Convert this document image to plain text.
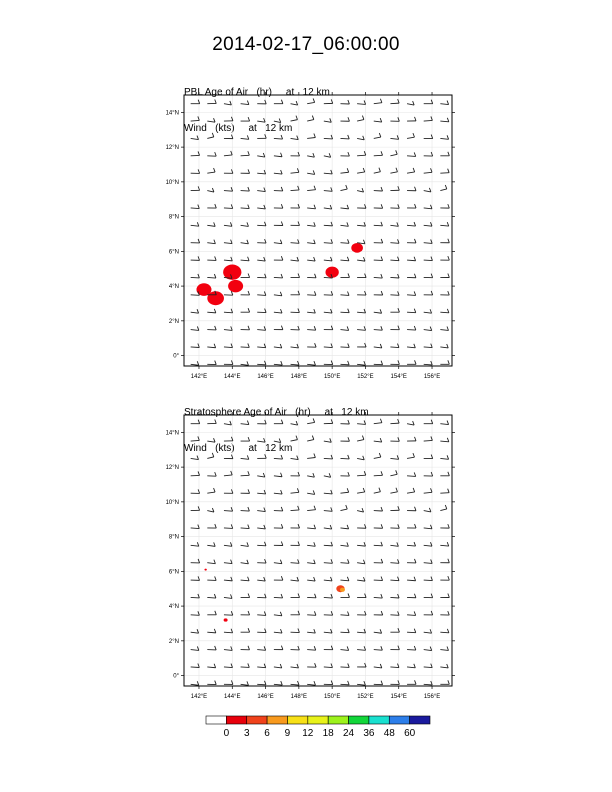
2014-02-17_06:00:00

PBL Age of Air   (hr)     at   12 km

Wind   (kts)     at   12 km

142°E	144°E	146°E	148°E	150°E	152°E	154°E	156°E
0°
2°N
4°N
6°N
8°N
10°N
12°N
14°N

Stratosphere Age of Air   (hr)     at   12 km

Wind   (kts)     at   12 km

142°E	144°E	146°E	148°E	150°E	152°E	154°E	156°E
0°
2°N
4°N
6°N
8°N
10°N
12°N
14°N
0	3	6	9	12 18 24 36 48 60
